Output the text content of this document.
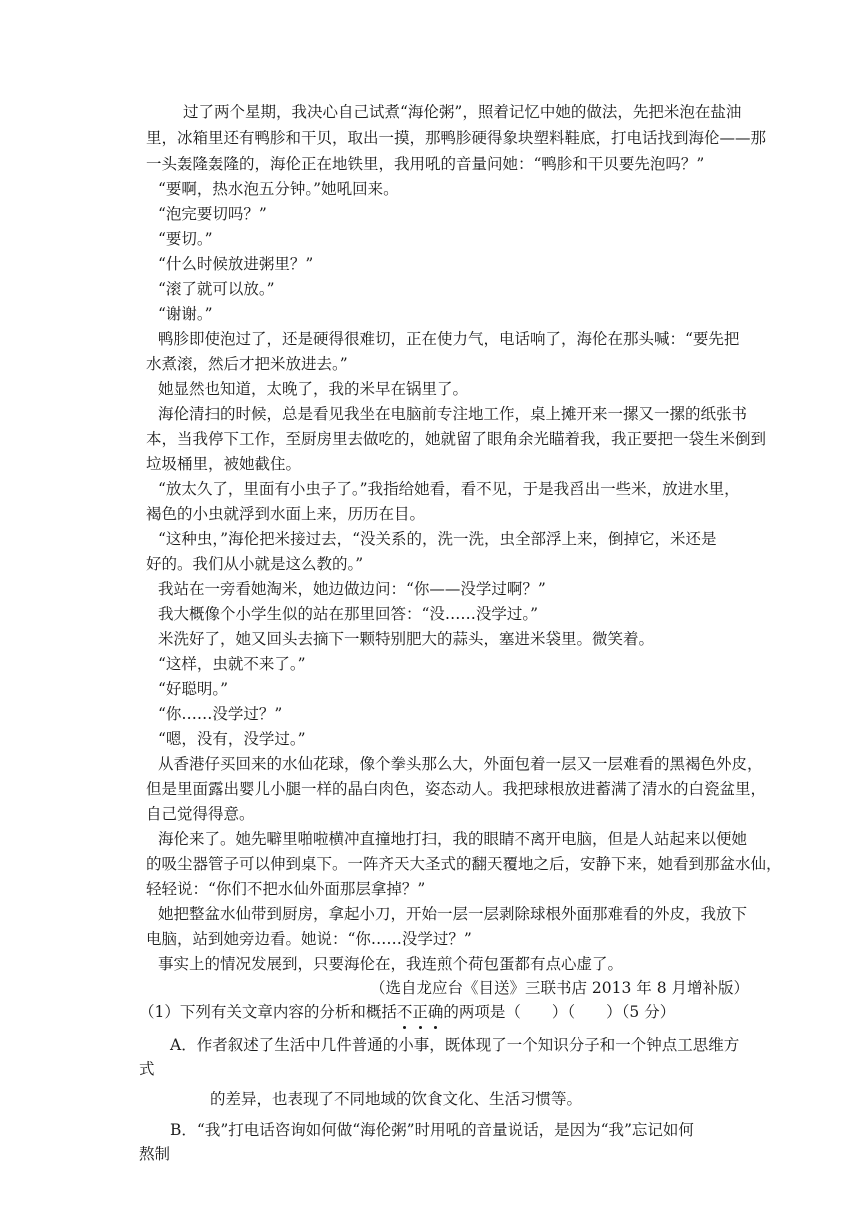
过了两个星期，我决心自己试煮“海伦粥”，照着记忆中她的做法，先把米泡在盐油
里，冰箱里还有鸭胗和干贝，取出一摸，那鸭胗硬得象块塑料鞋底，打电话找到海伦——那
一头轰隆轰隆的，海伦正在地铁里，我用吼的音量问她：“鸭胗和干贝要先泡吗？”
“要啊，热水泡五分钟。”她吼回来。
“泡完要切吗？”
“要切。”
“什么时候放进粥里？”
“滚了就可以放。”
“谢谢。”
鸭胗即使泡过了，还是硬得很难切，正在使力气，电话响了，海伦在那头喊：“要先把
水煮滚，然后才把米放进去。”
她显然也知道，太晚了，我的米早在锅里了。
海伦清扫的时候，总是看见我坐在电脑前专注地工作，桌上摊开来一摞又一摞的纸张书
本，当我停下工作，至厨房里去做吃的，她就留了眼角余光瞄着我，我正要把一袋生米倒到
垃圾桶里，被她截住。
“放太久了，里面有小虫子了。”我指给她看，看不见，于是我舀出一些米，放进水里，
褐色的小虫就浮到水面上来，历历在目。
“这种虫，”海伦把米接过去，“没关系的，洗一洗，虫全部浮上来，倒掉它，米还是
好的。我们从小就是这么教的。”
我站在一旁看她淘米，她边做边问：“你——没学过啊？”
我大概像个小学生似的站在那里回答：“没……没学过。”
米洗好了，她又回头去摘下一颗特别肥大的蒜头，塞进米袋里。微笑着。
“这样，虫就不来了。”
“好聪明。”
“你……没学过？”
“嗯，没有，没学过。”
从香港仔买回来的水仙花球，像个拳头那么大，外面包着一层又一层难看的黑褐色外皮，
但是里面露出婴儿小腿一样的晶白肉色，姿态动人。我把球根放进蓄满了清水的白瓷盆里，
自己觉得得意。
海伦来了。她先噼里啪啦横冲直撞地打扫，我的眼睛不离开电脑，但是人站起来以便她
的吸尘器管子可以伸到桌下。一阵齐天大圣式的翻天覆地之后，安静下来，她看到那盆水仙，
轻轻说：“你们不把水仙外面那层拿掉？”
她把整盆水仙带到厨房，拿起小刀，开始一层一层剥除球根外面那难看的外皮，我放下
电脑，站到她旁边看。她说：“你……没学过？”
事实上的情况发展到，只要海伦在，我连煎个荷包蛋都有点心虚了。
（选自龙应台《目送》三联书店 2013 年 8 月增补版）
（1）下列有关文章内容的分析和概括不
正
确
的两项是（　　）（　　）（5 分）
A．作者叙述了生活中几件普通的小事，既体现了一个知识分子和一个钟点工思维方
式
的差异，也表现了不同地域的饮食文化、生活习惯等。
B．“我”打电话咨询如何做“海伦粥”时用吼的音量说话，是因为“我”忘记如何
熬制
